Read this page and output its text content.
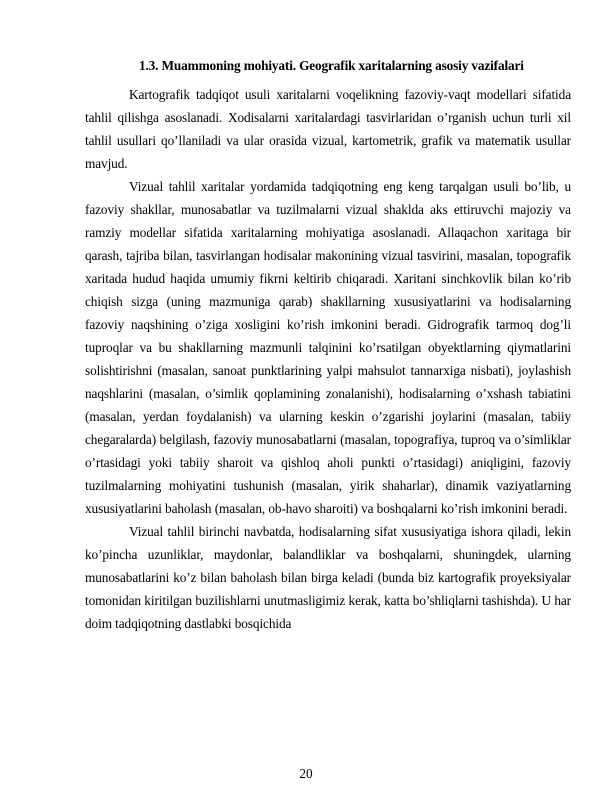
1.3. Muammoning mohiyati. Geografik xaritalarning asosiy vazifalari

Kartografik tadqiqot usuli xaritalarni voqelikning fazoviy-vaqt modellari sifatida tahlil qilishga asoslanadi. Xodisalarni xaritalardagi tasvirlaridan o’rganish uchun turli xil tahlil usullari qo’llaniladi va ular orasida vizual, kartometrik, grafik va matematik usullar mavjud.

Vizual tahlil xaritalar yordamida tadqiqotning eng keng tarqalgan usuli bo’lib, u fazoviy shakllar, munosabatlar va tuzilmalarni vizual shaklda aks ettiruvchi majoziy va ramziy modellar sifatida xaritalarning mohiyatiga asoslanadi. Allaqachon xaritaga bir qarash, tajriba bilan, tasvirlangan hodisalar makonining vizual tasvirini, masalan, topografik xaritada hudud haqida umumiy fikrni keltirib chiqaradi. Xaritani sinchkovlik bilan ko’rib chiqish sizga (uning mazmuniga qarab) shakllarning xususiyatlarini va hodisalarning fazoviy naqshining o’ziga xosligini ko’rish imkonini beradi. Gidrografik tarmoq dog’li tuproqlar va bu shakllarning mazmunli talqinini ko’rsatilgan obyektlarning qiymatlarini solishtirishni (masalan, sanoat punktlarining yalpi mahsulot tannarxiga nisbati), joylashish naqshlarini (masalan, o’simlik qoplamining zonalanishi), hodisalarning o’xshash tabiatini (masalan, yerdan foydalanish) va ularning keskin o’zgarishi joylarini (masalan, tabiiy chegaralarda) belgilash, fazoviy munosabatlarni (masalan, topografiya, tuproq va o’simliklar o’rtasidagi yoki tabiiy sharoit va qishloq aholi punkti o’rtasidagi) aniqligini, fazoviy tuzilmalarning mohiyatini tushunish (masalan, yirik shaharlar), dinamik vaziyatlarning xususiyatlarini baholash (masalan, ob-havo sharoiti) va boshqalarni ko’rish imkonini beradi.

Vizual tahlil birinchi navbatda, hodisalarning sifat xususiyatiga ishora qiladi, lekin ko’pincha uzunliklar, maydonlar, balandliklar va boshqalarni, shuningdek, ularning munosabatlarini ko’z bilan baholash bilan birga keladi (bunda biz kartografik proyeksiyalar tomonidan kiritilgan buzilishlarni unutmasligimiz kerak, katta bo’shliqlarni tashishda). U har doim tadqiqotning dastlabki bosqichida

20
